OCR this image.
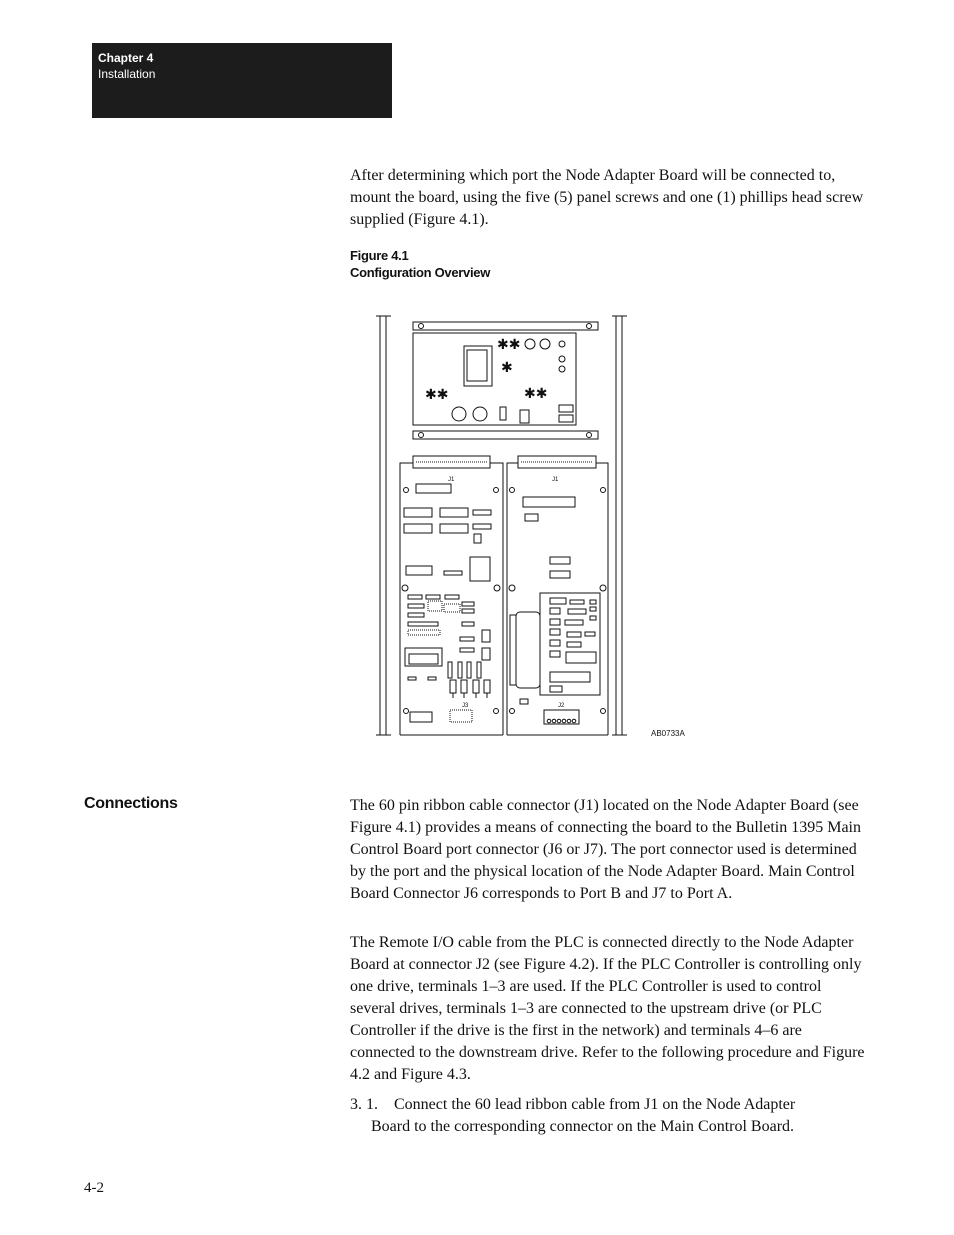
Chapter 4
Installation

After determining which port the Node Adapter Board will be connected to, mount the board, using the five (5) panel screws and one (1) phillips head screw supplied (Figure 4.1).

Figure 4.1
Configuration Overview
✱✱
✱
✱✱	✱✱
J1
J3
J1
J2
AB0733A
Connections	The 60 pin ribbon cable connector (J1) located on the Node Adapter Board (see Figure 4.1) provides a means of connecting the board to the Bulletin 1395 Main Control Board port connector (J6 or J7). The port connector used is determined by the port and the physical location of the Node Adapter Board. Main Control Board Connector J6 corresponds to Port B and J7 to Port A.

The Remote I/O cable from the PLC is connected directly to the Node Adapter Board at connector J2 (see Figure 4.2). If the PLC Controller is controlling only one drive, terminals 1–3 are used. If the PLC Controller is used to control several drives, terminals 1–3 are connected to the upstream drive (or PLC Controller if the drive is the first in the network) and terminals 4–6 are connected to the downstream drive. Refer to the following procedure and Figure 4.2 and Figure 4.3.

3. 1.    Connect the 60 lead ribbon cable from J1 on the Node Adapter
Board to the corresponding connector on the Main Control Board.
4-2
